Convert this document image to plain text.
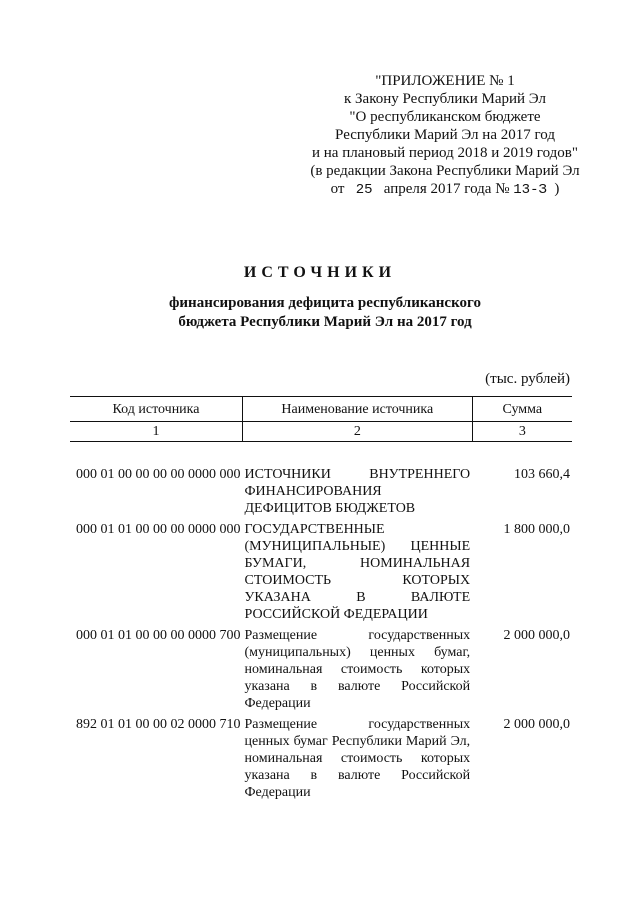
"ПРИЛОЖЕНИЕ № 1
к Закону Республики Марий Эл
"О республиканском бюджете
Республики Марий Эл на 2017 год
и на плановый период 2018 и 2019 годов"
(в редакции Закона Республики Марий Эл
от 25 апреля 2017 года № 13-З )
ИСТОЧНИКИ
финансирования дефицита республиканского
бюджета Республики Марий Эл на 2017 год
(тыс. рублей)
Код источника	Наименование источника	Сумма
1	2	3
000 01 00 00 00 00 0000 000	ИСТОЧНИКИ ВНУТРЕННЕГО ФИНАНСИРОВАНИЯ ДЕФИЦИТОВ БЮДЖЕТОВ	103 660,4
000 01 01 00 00 00 0000 000	ГОСУДАРСТВЕННЫЕ (МУНИЦИПАЛЬНЫЕ) ЦЕННЫЕ БУМАГИ, НОМИНАЛЬНАЯ СТОИМОСТЬ КОТОРЫХ УКАЗАНА В ВАЛЮТЕ РОССИЙСКОЙ ФЕДЕРАЦИИ	1 800 000,0
000 01 01 00 00 00 0000 700	Размещение государственных (муниципальных) ценных бумаг, номинальная стоимость которых указана в валюте Российской Федерации	2 000 000,0
892 01 01 00 00 02 0000 710	Размещение государственных ценных бумаг Республики Марий Эл, номинальная стоимость которых указана в валюте Российской Федерации	2 000 000,0
